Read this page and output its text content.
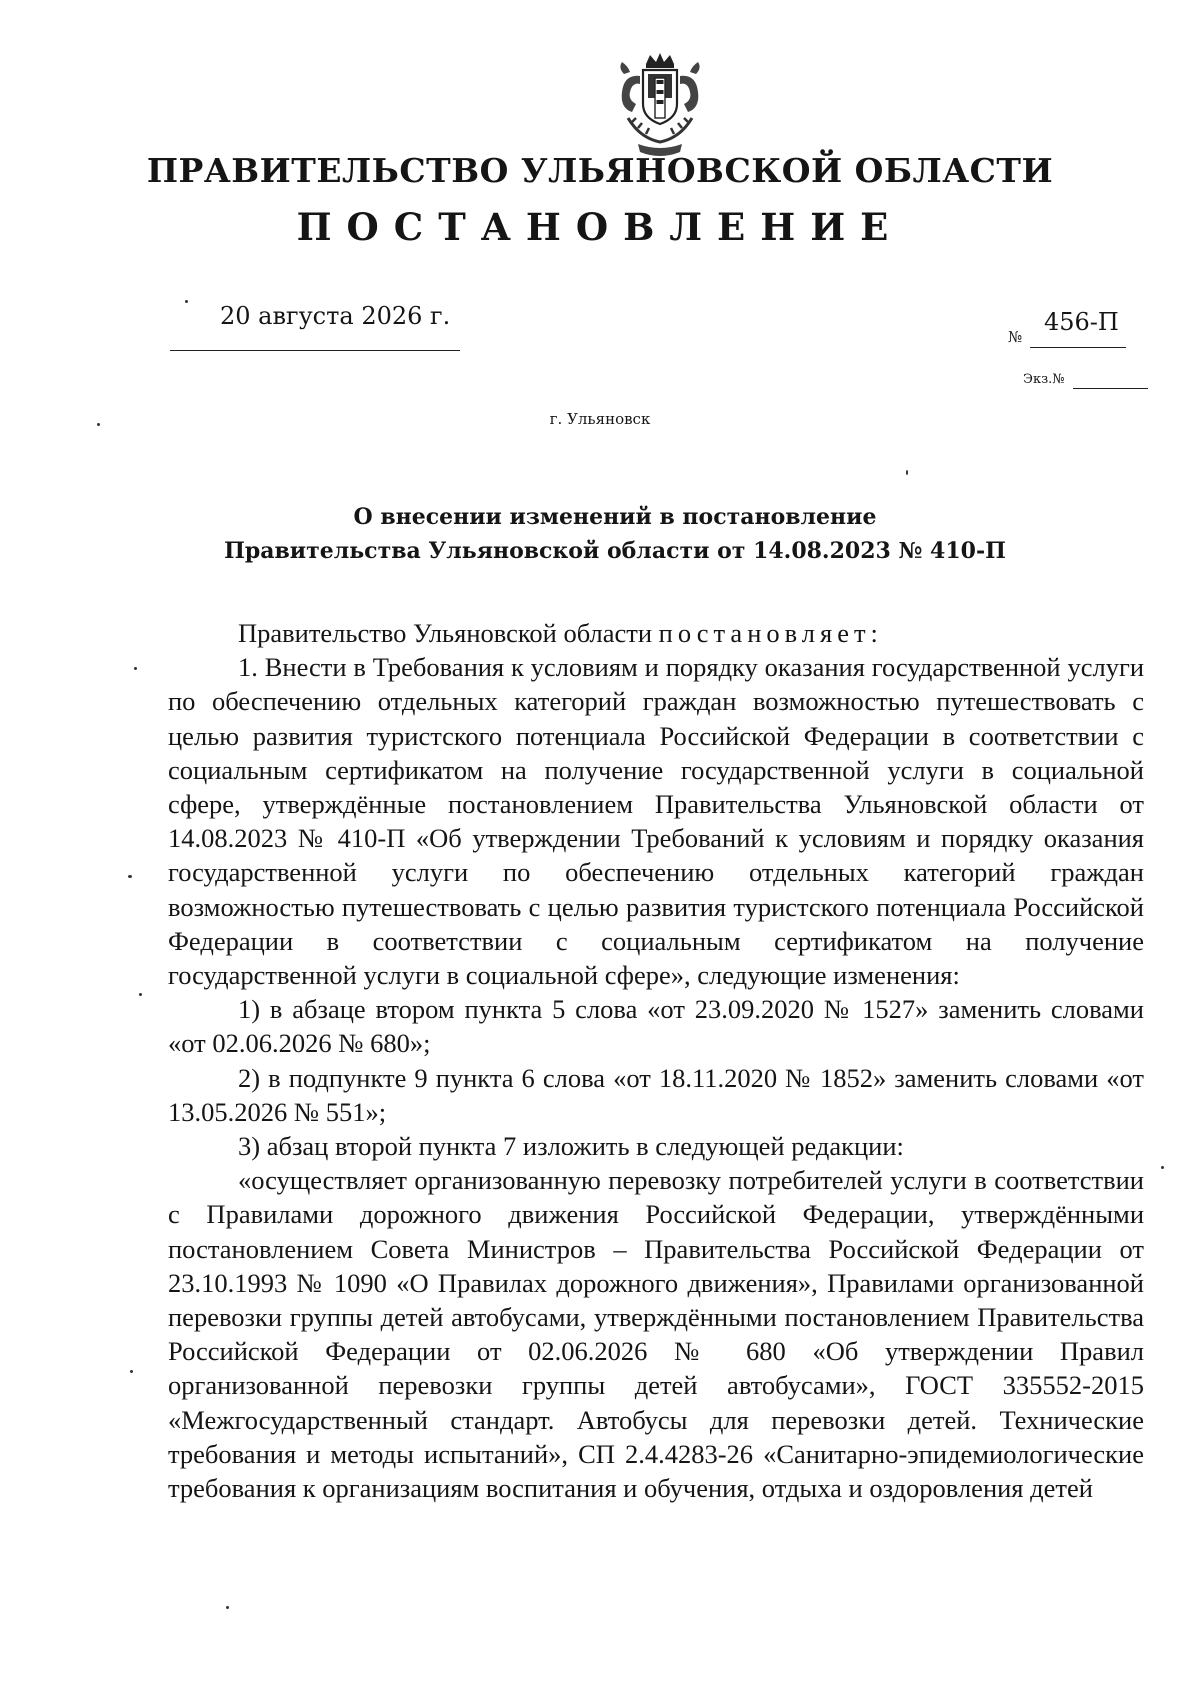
ПРАВИТЕЛЬСТВО УЛЬЯНОВСКОЙ ОБЛАСТИ
ПОСТАНОВЛЕНИЕ
20 августа 2026 г.
№
456-П
Экз.№
г. Ульяновск
О внесении изменений в постановление
Правительства Ульяновской области от 14.08.2023 № 410-П

Правительство Ульяновской области постановляет:

1. Внести в Требования к условиям и порядку оказания государственной услуги по обеспечению отдельных категорий граждан возможностью путешествовать с целью развития туристского потенциала Российской Федерации в соответствии с социальным сертификатом на получение государственной услуги в социальной сфере, утверждённые постановлением Правительства Ульяновской области от 14.08.2023 № 410-П «Об утверждении Требований к условиям и порядку оказания государственной услуги по обеспечению отдельных категорий граждан возможностью путешествовать с целью развития туристского потенциала Российской Федерации в соответствии с социальным сертификатом на получение государственной услуги в социальной сфере», следующие изменения:

1) в абзаце втором пункта 5 слова «от 23.09.2020 № 1527» заменить словами «от 02.06.2026 № 680»;

2) в подпункте 9 пункта 6 слова «от 18.11.2020 № 1852» заменить словами «от 13.05.2026 № 551»;

3) абзац второй пункта 7 изложить в следующей редакции:

«осуществляет организованную перевозку потребителей услуги в соответствии с Правилами дорожного движения Российской Федерации, утверждёнными постановлением Совета Министров – Правительства Российской Федерации от 23.10.1993 № 1090 «О Правилах дорожного движения», Правилами организованной перевозки группы детей автобусами, утверждёнными постановлением Правительства Российской Федерации от 02.06.2026 № 680 «Об утверждении Правил организованной перевозки группы детей автобусами», ГОСТ 335552-2015 «Межгосударственный стандарт. Автобусы для перевозки детей. Технические требования и методы испытаний», СП 2.4.4283-26 «Санитарно-эпидемиологические требования к организациям воспитания и обучения, отдыха и оздоровления детей
